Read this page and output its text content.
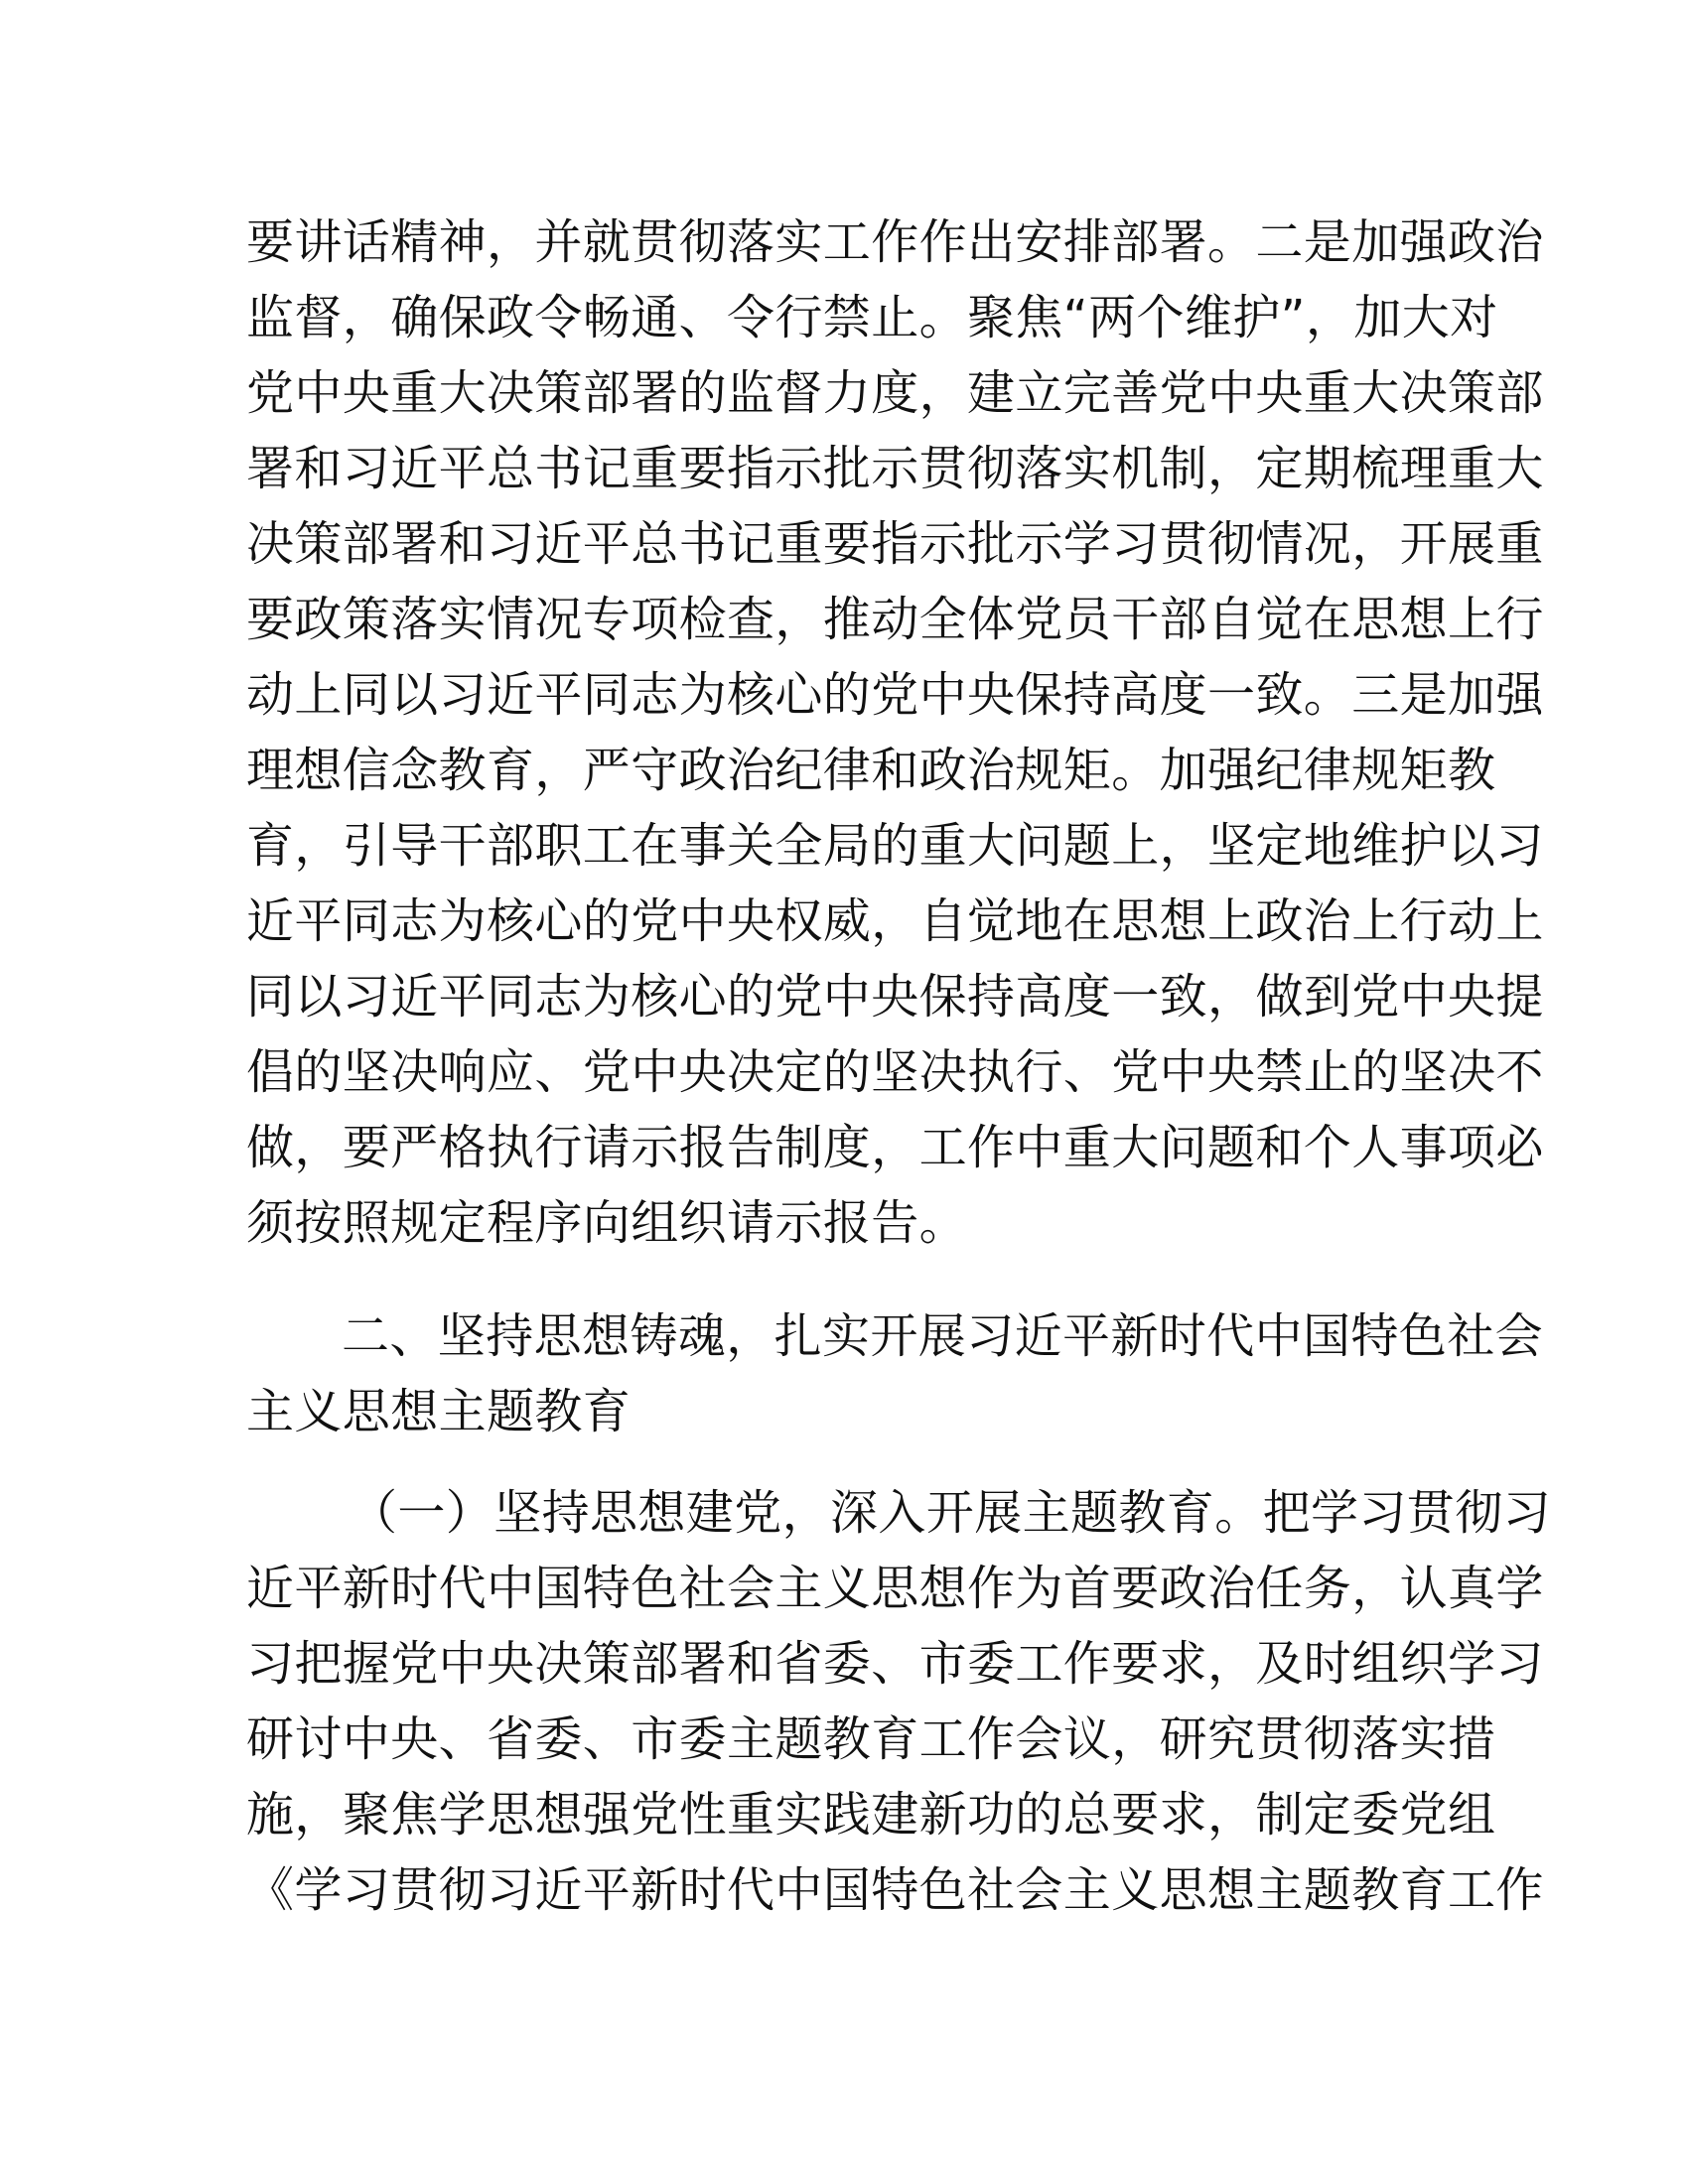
要讲话精神，并就贯彻落实工作作出安排部署。二是加强政治
监督，确保政令畅通、令行禁止。聚焦“两个维护”，加大对
党中央重大决策部署的监督力度，建立完善党中央重大决策部
署和习近平总书记重要指示批示贯彻落实机制，定期梳理重大
决策部署和习近平总书记重要指示批示学习贯彻情况，开展重
要政策落实情况专项检查，推动全体党员干部自觉在思想上行
动上同以习近平同志为核心的党中央保持高度一致。三是加强
理想信念教育，严守政治纪律和政治规矩。加强纪律规矩教
育，引导干部职工在事关全局的重大问题上，坚定地维护以习
近平同志为核心的党中央权威，自觉地在思想上政治上行动上
同以习近平同志为核心的党中央保持高度一致，做到党中央提
倡的坚决响应、党中央决定的坚决执行、党中央禁止的坚决不
做，要严格执行请示报告制度，工作中重大问题和个人事项必
须按照规定程序向组织请示报告。
二、坚持思想铸魂，扎实开展习近平新时代中国特色社会
主义思想主题教育
（一）坚持思想建党，深入开展主题教育。把学习贯彻习
近平新时代中国特色社会主义思想作为首要政治任务，认真学
习把握党中央决策部署和省委、市委工作要求，及时组织学习
研讨中央、省委、市委主题教育工作会议，研究贯彻落实措
施，聚焦学思想强党性重实践建新功的总要求，制定委党组
《学习贯彻习近平新时代中国特色社会主义思想主题教育工作
